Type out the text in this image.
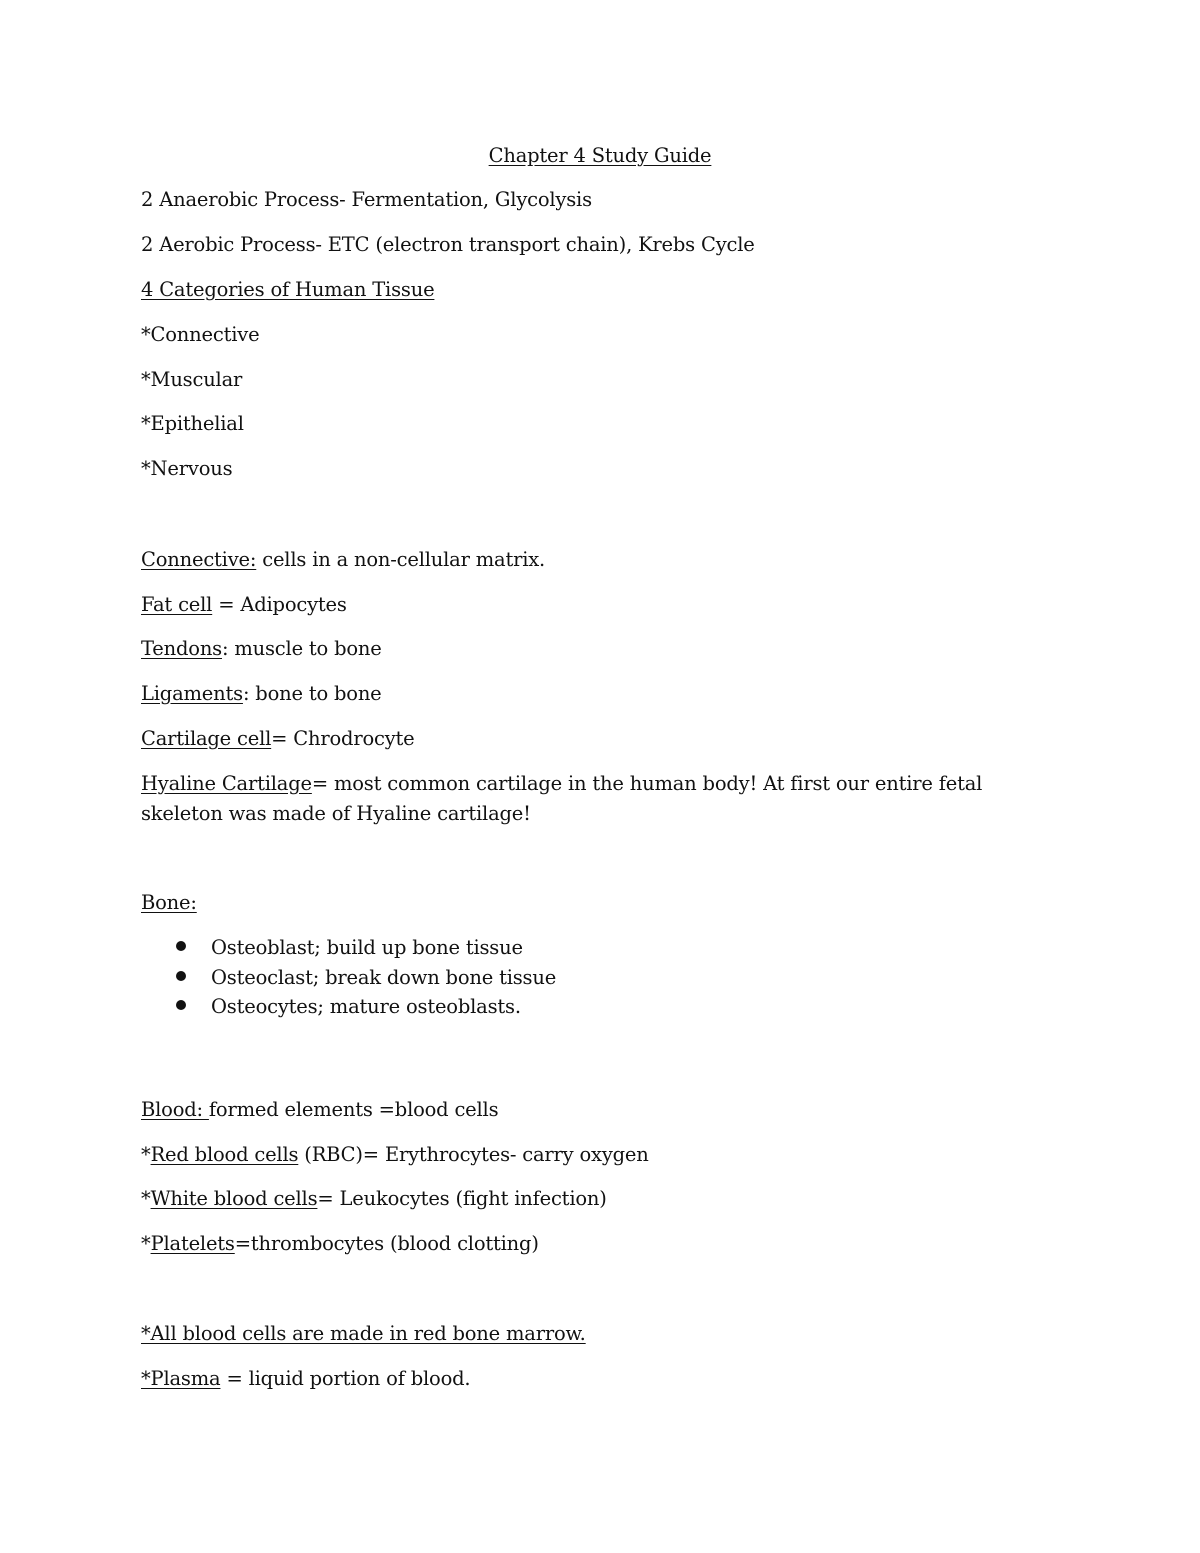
Chapter 4 Study Guide
2 Anaerobic Process- Fermentation, Glycolysis
2 Aerobic Process- ETC (electron transport chain), Krebs Cycle
4 Categories of Human Tissue
*Connective
*Muscular
*Epithelial
*Nervous
Connective: cells in a non-cellular matrix.
Fat cell = Adipocytes
Tendons: muscle to bone
Ligaments: bone to bone
Cartilage cell= Chrodrocyte
Hyaline Cartilage= most common cartilage in the human body! At first our entire fetal skeleton was made of Hyaline cartilage!
Bone:
Osteoblast; build up bone tissue
Osteoclast; break down bone tissue
Osteocytes; mature osteoblasts.
Blood: formed elements =blood cells
*Red blood cells (RBC)= Erythrocytes- carry oxygen
*White blood cells= Leukocytes (fight infection)
*Platelets=thrombocytes (blood clotting)
*All blood cells are made in red bone marrow.
*Plasma = liquid portion of blood.
